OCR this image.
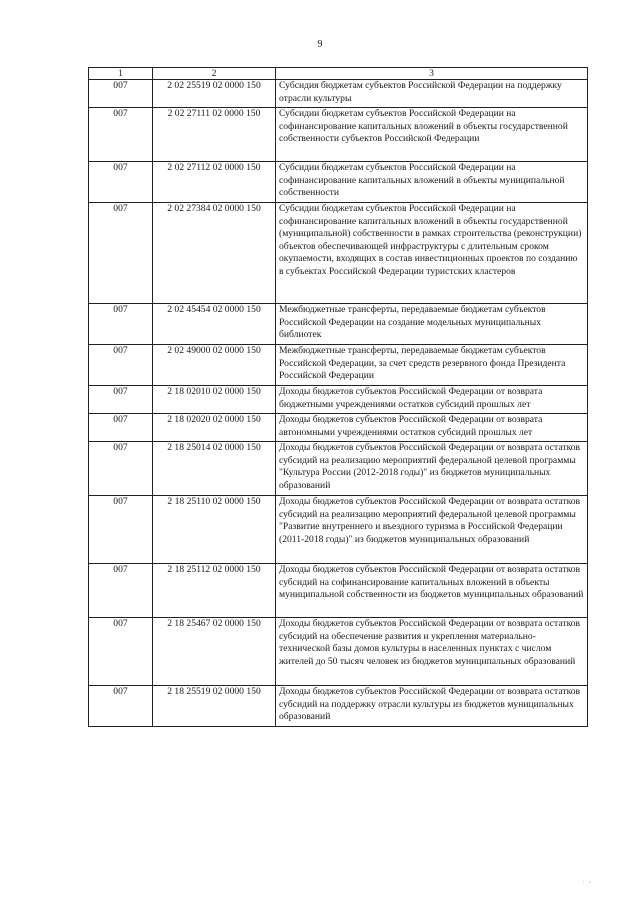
9
1	2	3
007	2 02 25519 02 0000 150	Субсидия бюджетам субъектов Российской Федерации на поддержку отрасли культуры
007	2 02 27111 02 0000 150	Субсидии бюджетам субъектов Российской Федерации на софинансирование капитальных вложений в объекты государственной собственности субъектов Российской Федерации
007	2 02 27112 02 0000 150	Субсидии бюджетам субъектов Российской Федерации на софинансирование капитальных вложений в объекты муниципальной собственности
007	2 02 27384 02 0000 150	Субсидии бюджетам субъектов Российской Федерации на софинансирование капитальных вложений в объекты государственной (муниципальной) собственности в рамках строительства (реконструкции) объектов обеспечивающей инфраструктуры с длительным сроком окупаемости, входящих в состав инвестиционных проектов по созданию в субъектах Российской Федерации туристских кластеров
007	2 02 45454 02 0000 150	Межбюджетные трансферты, передаваемые бюджетам субъектов Российской Федерации на создание модельных муниципальных библиотек
007	2 02 49000 02 0000 150	Межбюджетные трансферты, передаваемые бюджетам субъектов Российской Федерации, за счет средств резервного фонда Президента Российской Федерации
007	2 18 02010 02 0000 150	Доходы бюджетов субъектов Российской Федерации от возврата бюджетными учреждениями остатков субсидий прошлых лет
007	2 18 02020 02 0000 150	Доходы бюджетов субъектов Российской Федерации от возврата автономными учреждениями остатков субсидий прошлых лет
007	2 18 25014 02 0000 150	Доходы бюджетов субъектов Российской Федерации от возврата остатков субсидий на реализацию мероприятий федеральной целевой программы "Культура России (2012-2018 годы)" из бюджетов муниципальных образований
007	2 18 25110 02 0000 150	Доходы бюджетов субъектов Российской Федерации от возврата остатков субсидий на реализацию мероприятий федеральной целевой программы "Развитие внутреннего и въездного туризма в Российской Федерации (2011-2018 годы)" из бюджетов муниципальных образований
007	2 18 25112 02 0000 150	Доходы бюджетов субъектов Российской Федерации от возврата остатков субсидий на софинансирование капитальных вложений в объекты муниципальной собственности из бюджетов муниципальных образований
007	2 18 25467 02 0000 150	Доходы бюджетов субъектов Российской Федерации от возврата остатков субсидий на обеспечение развития и укрепления материально-технической базы домов культуры в населенных пунктах с числом жителей до 50 тысяч человек из бюджетов муниципальных образований
007	2 18 25519 02 0000 150	Доходы бюджетов субъектов Российской Федерации от возврата остатков субсидий на поддержку отрасли культуры из бюджетов муниципальных образований
.   ,
